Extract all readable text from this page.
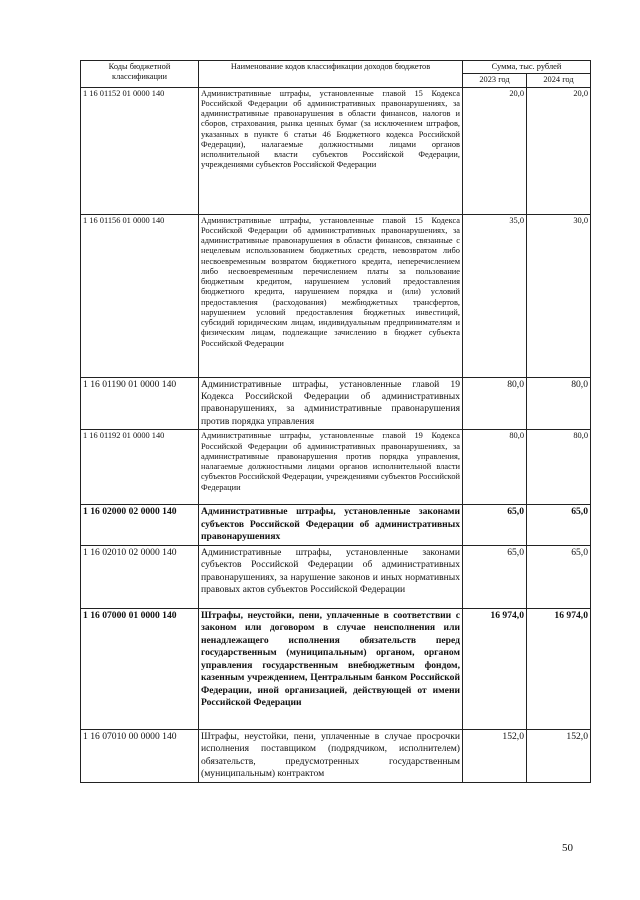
Коды бюджетной классификации	Наименование кодов классификации доходов бюджетов	Сумма, тыс. рублей	
		2023 год	2024 год
1 16 01152 01 0000 140	Административные штрафы, установленные главой 15 Кодекса Российской Федерации об административных правонарушениях, за административные правонарушения в области финансов, налогов и сборов, страхования, рынка ценных бумаг (за исключением штрафов, указанных в пункте 6 статьи 46 Бюджетного кодекса Российской Федерации), налагаемые должностными лицами органов исполнительной власти субъектов Российской Федерации, учреждениями субъектов Российской Федерации	20,0	20,0
1 16 01156 01 0000 140	Административные штрафы, установленные главой 15 Кодекса Российской Федерации об административных правонарушениях, за административные правонарушения в области финансов, связанные с нецелевым использованием бюджетных средств, невозвратом либо несвоевременным возвратом бюджетного кредита, неперечислением либо несвоевременным перечислением платы за пользование бюджетным кредитом, нарушением условий предоставления бюджетного кредита, нарушением порядка и (или) условий предоставления (расходования) межбюджетных трансфертов, нарушением условий предоставления бюджетных инвестиций, субсидий юридическим лицам, индивидуальным предпринимателям и физическим лицам, подлежащие зачислению в бюджет субъекта Российской Федерации	35,0	30,0
1 16 01190 01 0000 140	Административные штрафы, установленные главой 19 Кодекса Российской Федерации об административных правонарушениях, за административные правонарушения против порядка управления	80,0	80,0
1 16 01192 01 0000 140	Административные штрафы, установленные главой 19 Кодекса Российской Федерации об административных правонарушениях, за административные правонарушения против порядка управления, налагаемые должностными лицами органов исполнительной власти субъектов Российской Федерации, учреждениями субъектов Российской Федерации	80,0	80,0
1 16 02000 02 0000 140	Административные штрафы, установленные законами субъектов Российской Федерации об административных правонарушениях	65,0	65,0
1 16 02010 02 0000 140	Административные штрафы, установленные законами субъектов Российской Федерации об административных правонарушениях, за нарушение законов и иных нормативных правовых актов субъектов Российской Федерации	65,0	65,0
1 16 07000 01 0000 140	Штрафы, неустойки, пени, уплаченные в соответствии с законом или договором в случае неисполнения или ненадлежащего исполнения обязательств перед государственным (муниципальным) органом, органом управления государственным внебюджетным фондом, казенным учреждением, Центральным банком Российской Федерации, иной организацией, действующей от имени Российской Федерации	16 974,0	16 974,0
1 16 07010 00 0000 140	Штрафы, неустойки, пени, уплаченные в случае просрочки исполнения поставщиком (подрядчиком, исполнителем) обязательств, предусмотренных государственным (муниципальным) контрактом	152,0	152,0
50
